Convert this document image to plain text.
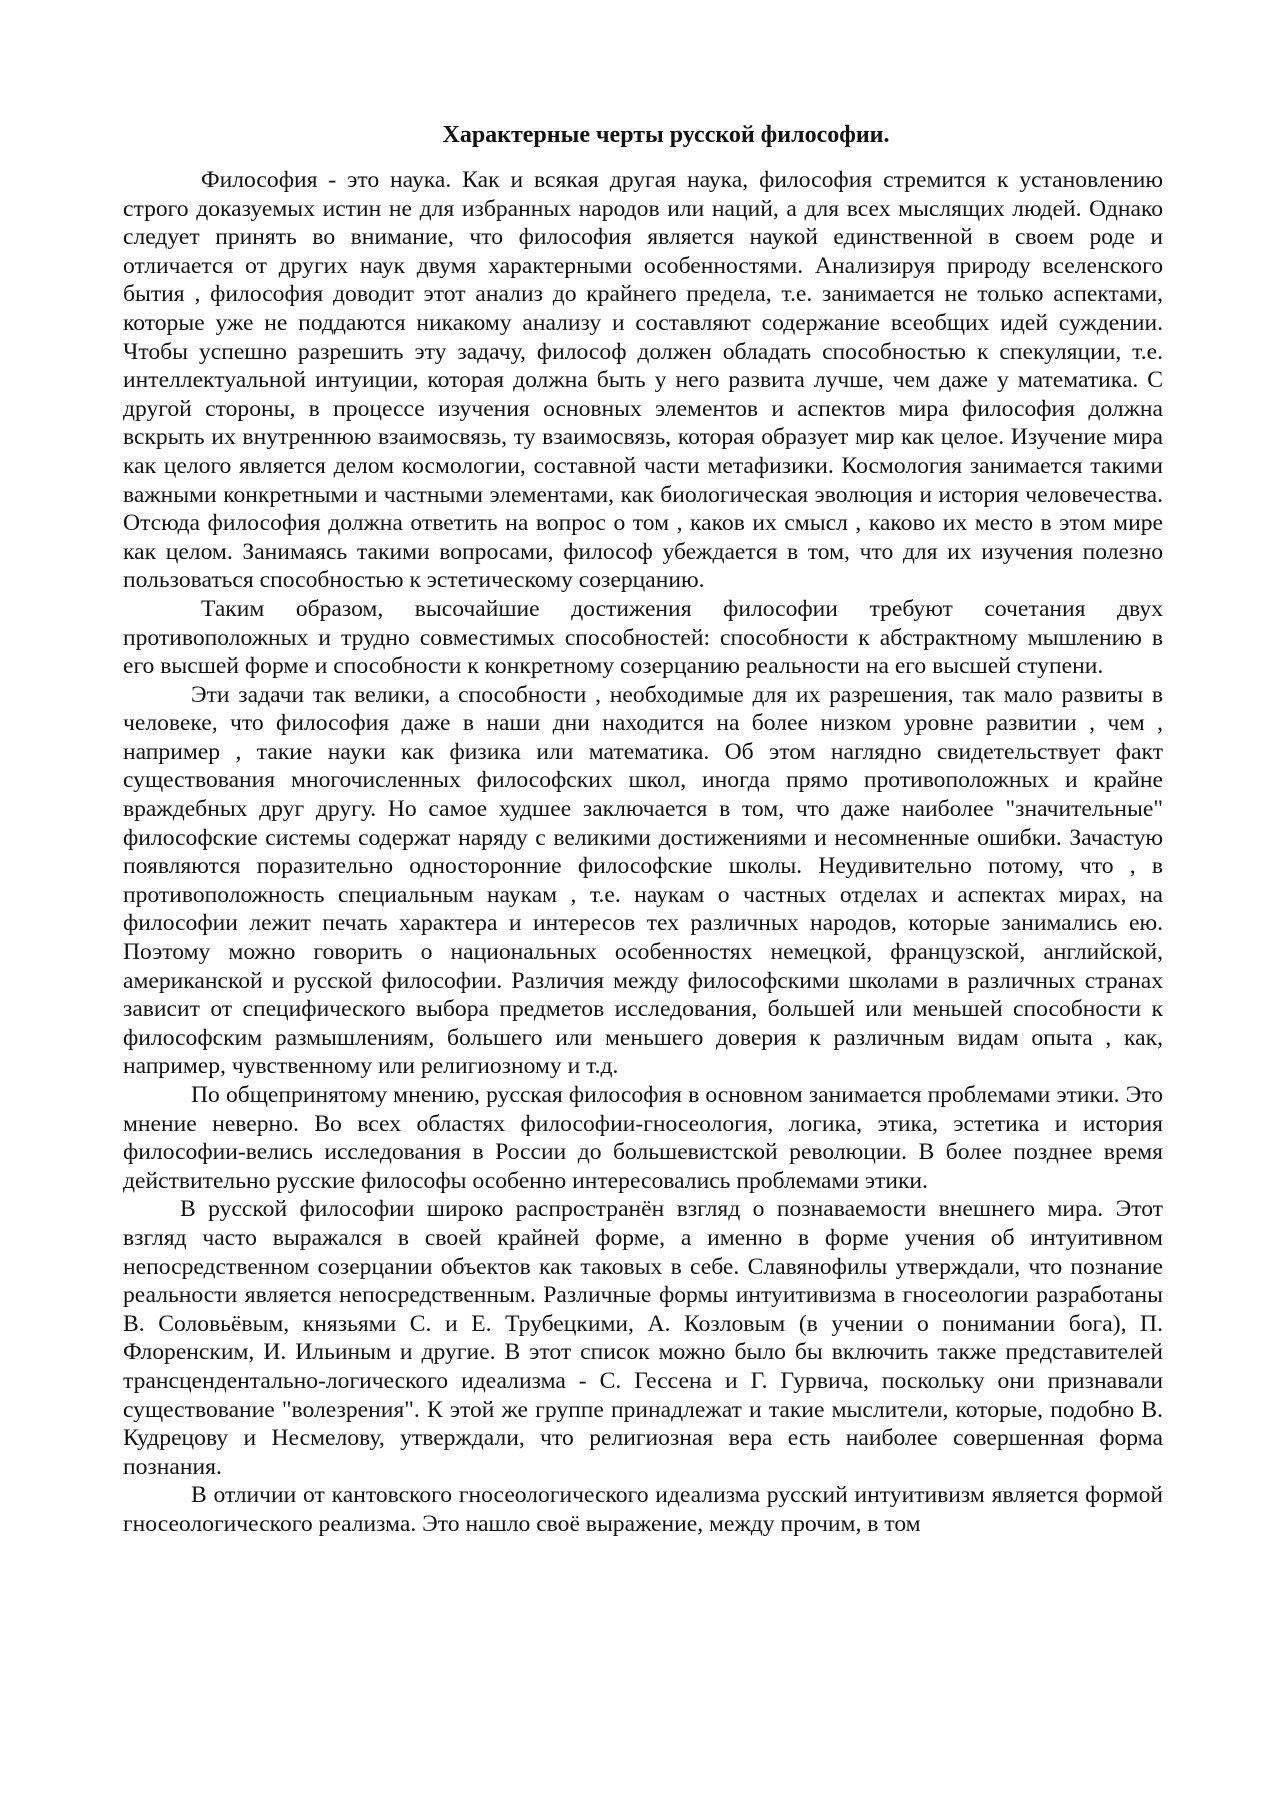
Характерные черты русской философии.

Философия - это наука. Как и всякая другая наука, философия стремится к установлению строго доказуемых истин не для избранных народов или наций, а для всех мыслящих людей. Однако следует принять во внимание, что философия является наукой единственной в своем роде и отличается от других наук двумя характерными особенностями. Анализируя природу вселенского бытия , философия доводит этот анализ до крайнего предела, т.е. занимается не только аспектами, которые уже не поддаются никакому анализу и составляют содержание всеобщих идей суждении. Чтобы успешно разрешить эту задачу, философ должен обладать способностью к спекуляции, т.е. интеллектуальной интуиции, которая должна быть у него развита лучше, чем даже у математика. С другой стороны, в процессе изучения основных элементов и аспектов мира философия должна вскрыть их внутреннюю взаимосвязь, ту взаимосвязь, которая образует мир как целое. Изучение мира как целого является делом космологии, составной части метафизики. Космология занимается такими важными конкретными и частными элементами, как биологическая эволюция и история человечества. Отсюда философия должна ответить на вопрос о том , каков их смысл , каково их место в этом мире как целом. Занимаясь такими вопросами, философ убеждается в том, что для их изучения полезно пользоваться способностью к эстетическому созерцанию.

Таким образом, высочайшие достижения философии требуют сочетания двух противоположных и трудно совместимых способностей: способности к абстрактному мышлению в его высшей форме и способности к конкретному созерцанию реальности на его высшей ступени.

Эти задачи так велики, а способности , необходимые для их разрешения, так мало развиты в человеке, что философия даже в наши дни находится на более низком уровне развитии , чем , например , такие науки как физика или математика. Об этом наглядно свидетельствует факт существования многочисленных философских школ, иногда прямо противоположных и крайне враждебных друг другу. Но самое худшее заключается в том, что даже наиболее "значительные" философские системы содержат наряду с великими достижениями и несомненные ошибки. Зачастую появляются поразительно односторонние философские школы. Неудивительно потому, что , в противоположность специальным наукам , т.е. наукам о частных отделах и аспектах мирах, на философии лежит печать характера и интересов тех различных народов, которые занимались ею. Поэтому можно говорить о национальных особенностях немецкой, французской, английской, американской и русской философии. Различия между философскими школами в различных странах зависит от специфического выбора предметов исследования, большей или меньшей способности к философским размышлениям, большего или меньшего доверия к различным видам опыта , как, например, чувственному или религиозному и т.д.

По общепринятому мнению, русская философия в основном занимается проблемами этики. Это мнение неверно. Во всех областях философии-гносеология, логика, этика, эстетика и история философии-велись исследования в России до большевистской революции. В более позднее время действительно русские философы особенно интересовались проблемами этики.

В русской философии широко распространён взгляд о познаваемости внешнего мира. Этот взгляд часто выражался в своей крайней форме, а именно в форме учения об интуитивном непосредственном созерцании объектов как таковых в себе. Славянофилы утверждали, что познание реальности является непосредственным. Различные формы интуитивизма в гносеологии разработаны В. Соловьёвым, князьями С. и Е. Трубецкими, А. Козловым (в учении о понимании бога), П. Флоренским, И. Ильиным и другие. В этот список можно было бы включить также представителей трансцендентально-логического идеализма - С. Гессена и Г. Гурвича, поскольку они признавали существование "волезрения". К этой же группе принадлежат и такие мыслители, которые, подобно В. Кудрецову и Несмелову, утверждали, что религиозная вера есть наиболее совершенная форма познания.

В отличии от кантовского гносеологического идеализма русский интуитивизм является формой гносеологического реализма. Это нашло своё выражение, между прочим, в том
